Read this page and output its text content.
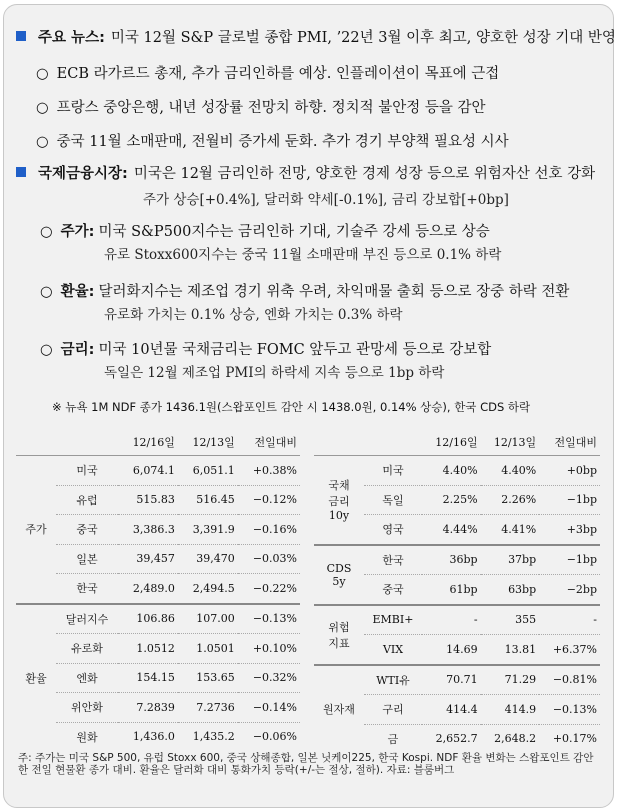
주요 뉴스: 미국 12월 S&P 글로벌 종합 PMI, ’22년 3월 이후 최고, 양호한 성장 기대 반영
○ ECB 라가르드 총재, 추가 금리인하를 예상. 인플레이션이 목표에 근접
○ 프랑스 중앙은행, 내년 성장률 전망치 하향. 정치적 불안정 등을 감안
○ 중국 11월 소매판매, 전월비 증가세 둔화. 추가 경기 부양책 필요성 시사
국제금융시장: 미국은 12월 금리인하 전망, 양호한 경제 성장 등으로 위험자산 선호 강화
주가 상승[+0.4%], 달러화 약세[-0.1%], 금리 강보합[+0bp]
○ 주가: 미국 S&P500지수는 금리인하 기대, 기술주 강세 등으로 상승
유로 Stoxx600지수는 중국 11월 소매판매 부진 등으로 0.1% 하락
○ 환율: 달러화지수는 제조업 경기 위축 우려, 차익매물 출회 등으로 장중 하락 전환
유로화 가치는 0.1% 상승, 엔화 가치는 0.3% 하락
○ 금리: 미국 10년물 국채금리는 FOMC 앞두고 관망세 등으로 강보합
독일은 12월 제조업 PMI의 하락세 지속 등으로 1bp 하락
※ 뉴욕 1M NDF 종가 1436.1원(스왑포인트 감안 시 1438.0원, 0.14% 상승), 한국 CDS 하락
		12/16일	12/13일	전일대비
주가	미국	6,074.1	6,051.1	+0.38%
	유럽	515.83	516.45	−0.12%
	중국	3,386.3	3,391.9	−0.16%
	일본	39,457	39,470	−0.03%
	한국	2,489.0	2,494.5	−0.22%
환율	달러지수	106.86	107.00	−0.13%
	유로화	1.0512	1.0501	+0.10%
	엔화	154.15	153.65	−0.32%
	위안화	7.2839	7.2736	−0.14%
	원화	1,436.0	1,435.2	−0.06%
		12/16일	12/13일	전일대비
국채
금리
10y	미국	4.40%	4.40%	+0bp
	독일	2.25%	2.26%	−1bp
	영국	4.44%	4.41%	+3bp
CDS
5y	한국	36bp	37bp	−1bp
	중국	61bp	63bp	−2bp
위험
지표	EMBI+	-	355	-
	VIX	14.69	13.81	+6.37%
원자재	WTI유	70.71	71.29	−0.81%
	구리	414.4	414.9	−0.13%
	금	2,652.7	2,648.2	+0.17%
주: 주가는 미국 S&P 500, 유럽 Stoxx 600, 중국 상해종합, 일본 닛케이225, 한국 Kospi. NDF 환율 변화는 스왑포인트 감안한 전일 현물환 종가 대비. 환율은 달러화 대비 통화가치 등락(+/-는 절상, 절하). 자료: 블룸버그
